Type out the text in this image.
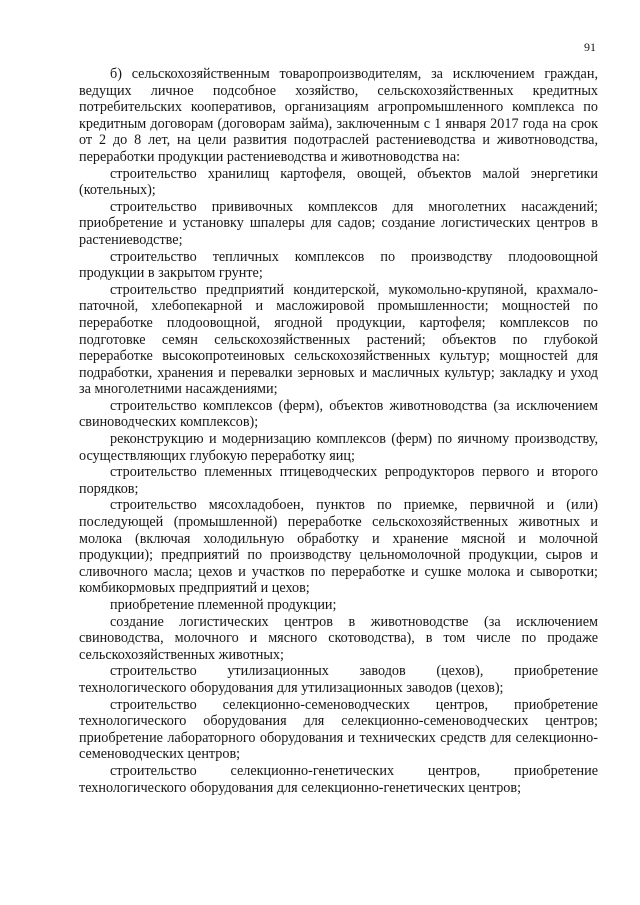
91

б) сельскохозяйственным товаропроизводителям, за исключением граждан, ведущих личное подсобное хозяйство, сельскохозяйственных кредитных потребительских кооперативов, организациям агропромышленного комплекса по кредитным договорам (договорам займа), заключенным с 1 января 2017 года на срок от 2 до 8 лет, на цели развития подотраслей растениеводства и животноводства, переработки продукции растениеводства и животноводства на:

строительство хранилищ картофеля, овощей, объектов малой энергетики (котельных);

строительство прививочных комплексов для многолетних насаждений; приобретение и установку шпалеры для садов; создание логистических центров в растениеводстве;

строительство тепличных комплексов по производству плодоовощной продукции в закрытом грунте;

строительство предприятий кондитерской, мукомольно-крупяной, крахмало-паточной, хлебопекарной и масложировой промышленности; мощностей по переработке плодоовощной, ягодной продукции, картофеля; комплексов по подготовке семян сельскохозяйственных растений; объектов по глубокой переработке высокопротеиновых сельскохозяйственных культур; мощностей для подработки, хранения и перевалки зерновых и масличных культур; закладку и уход за многолетними насаждениями;

строительство комплексов (ферм), объектов животноводства (за исключением свиноводческих комплексов);

реконструкцию и модернизацию комплексов (ферм) по яичному производству, осуществляющих глубокую переработку яиц;

строительство племенных птицеводческих репродукторов первого и второго порядков;

строительство мясохладобоен, пунктов по приемке, первичной и (или) последующей (промышленной) переработке сельскохозяйственных животных и молока (включая холодильную обработку и хранение мясной и молочной продукции); предприятий по производству цельномолочной продукции, сыров и сливочного масла; цехов и участков по переработке и сушке молока и сыворотки; комбикормовых предприятий и цехов;

приобретение племенной продукции;

создание логистических центров в животноводстве (за исключением свиноводства, молочного и мясного скотоводства), в том числе по продаже сельскохозяйственных животных;

строительство утилизационных заводов (цехов), приобретение технологического оборудования для утилизационных заводов (цехов);

строительство селекционно-семеноводческих центров, приобретение технологического оборудования для селекционно-семеноводческих центров; приобретение лабораторного оборудования и технических средств для селекционно-семеноводческих центров;

строительство селекционно-генетических центров, приобретение технологического оборудования для селекционно-генетических центров;
